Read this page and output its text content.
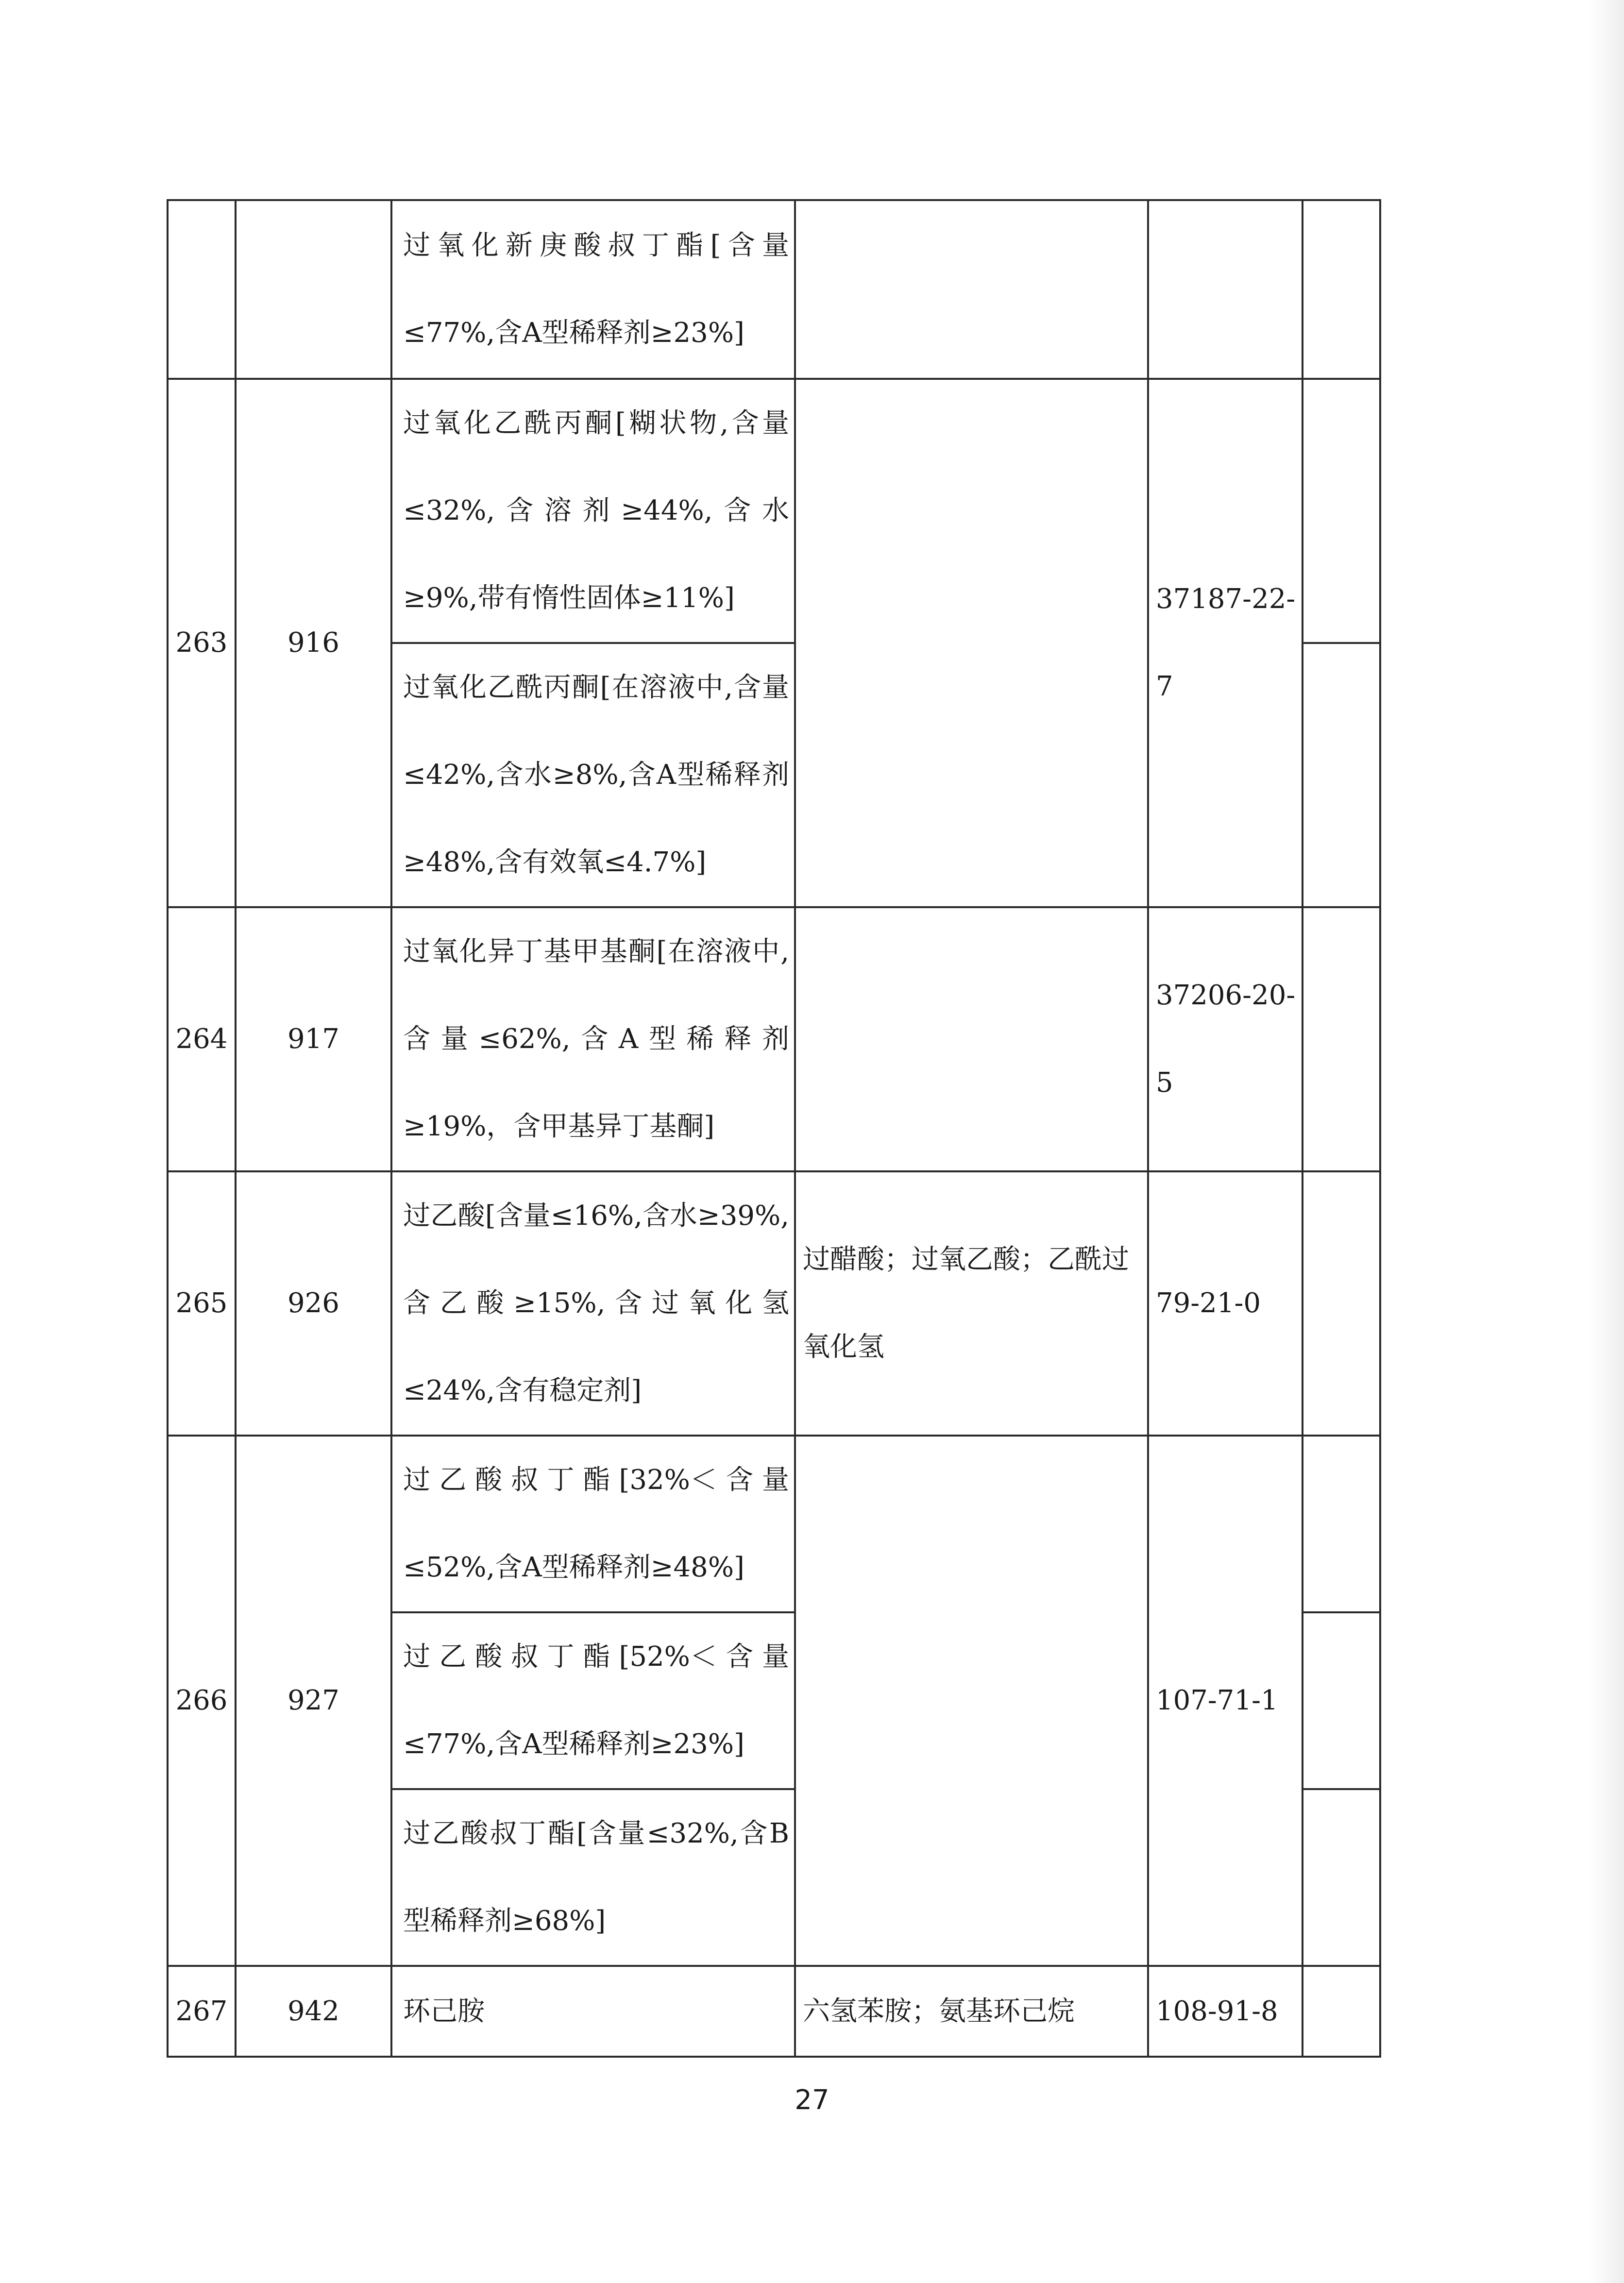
		过氧化新庚酸叔丁酯[含量≤77%,含A型稀释剂≥23%]			
263	916	过氧化乙酰丙酮[糊状物,含量≤32%,含溶剂≥44%,含水≥9%,带有惰性固体≥11%]		37187-22-7	
		过氧化乙酰丙酮[在溶液中,含量≤42%,含水≥8%,含A型稀释剂≥48%,含有效氧≤4.7%]			
264	917	过氧化异丁基甲基酮[在溶液中,含量≤62%,含A型稀释剂≥19%，含甲基异丁基酮]		37206-20-5	
265	926	过乙酸[含量≤16%,含水≥39%,含乙酸≥15%,含过氧化氢≤24%,含有稳定剂]	过醋酸；过氧乙酸；乙酰过氧化氢	79-21-0	
266	927	过乙酸叔丁酯[32%＜含量≤52%,含A型稀释剂≥48%]		107-71-1	
		过乙酸叔丁酯[52%＜含量≤77%,含A型稀释剂≥23%]			
		过乙酸叔丁酯[含量≤32%,含B型稀释剂≥68%]			
267	942	环己胺	六氢苯胺；氨基环己烷	108-91-8	
27
